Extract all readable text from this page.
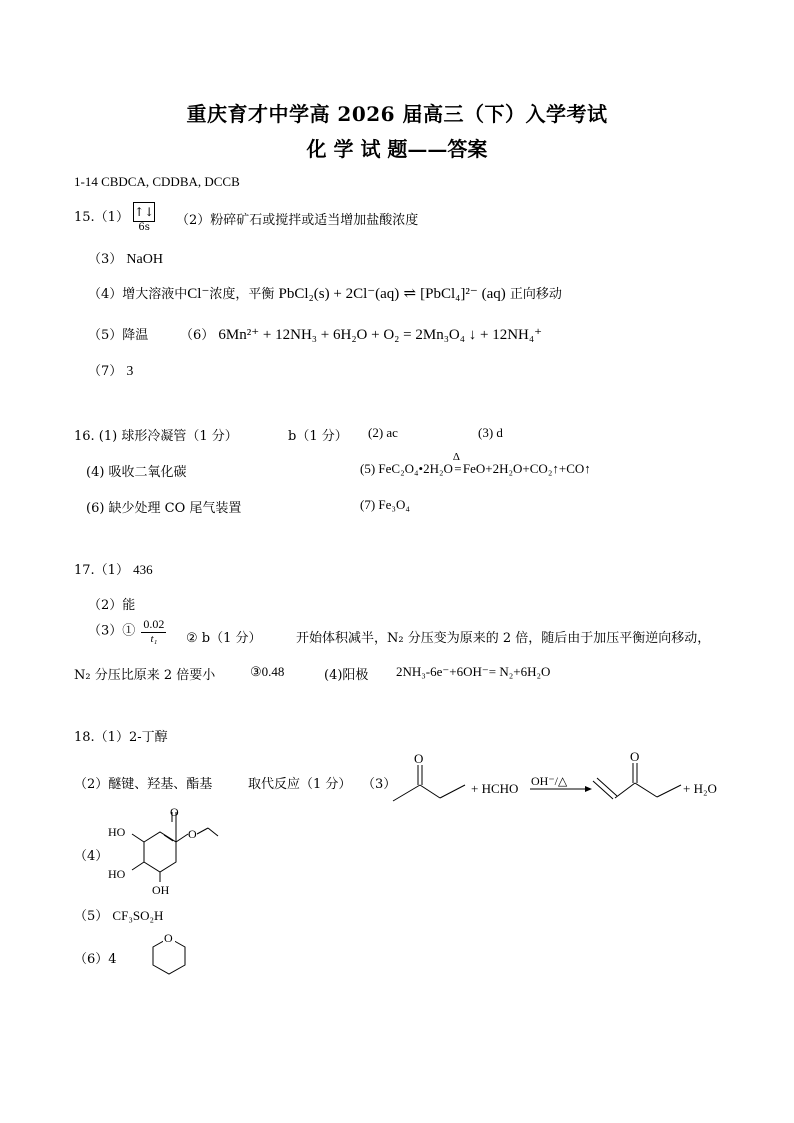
重庆育才中学高 2026 届高三（下）入学考试
化 学 试 题——答案
1-14 CBDCA, CDDBA, DCCB
15.（1） ↑↓
6s	（2）粉碎矿石或搅拌或适当增加盐酸浓度
（3） NaOH
（4）增大溶液中Cl⁻浓度，平衡 PbCl₂(s) + 2Cl⁻(aq) ⇌ [PbCl₄]²⁻ (aq) 正向移动
（5）降温 （6） 6Mn²⁺ + 12NH₃ + 6H₂O + O₂ = 2Mn₃O₄ ↓ + 12NH₄⁺
（7） 3
16. (1) 球形冷凝管（1 分）	b（1 分） (2) ac	(3) d
(4) 吸收二氧化碳	(5) FeC₂O₄•2H₂O
Δ
=FeO+2H₂O+CO₂↑+CO↑
(6) 缺少处理 CO 尾气装置	(7) Fe₃O₄
17.（1） 436
（2）能
（3）① $\frac{0.02}{\text{t₁}}$ ② b（1 分）	开始体积减半，N₂ 分压变为原来的 2 倍，随后由于加压平衡逆向移动，
N₂ 分压比原来 2 倍要小	③0.48	(4)阳极 2NH₃-6e⁻+6OH⁻= N₂+6H₂O
18.（1）2-丁醇
（2）醚键、羟基、酯基	取代反应（1 分） （3）
O
+ HCHO OH⁻/△
O
+ H₂O
（4）
O
O
HO
HO
OH
（5） CF₃SO₂H
（6）4
O
